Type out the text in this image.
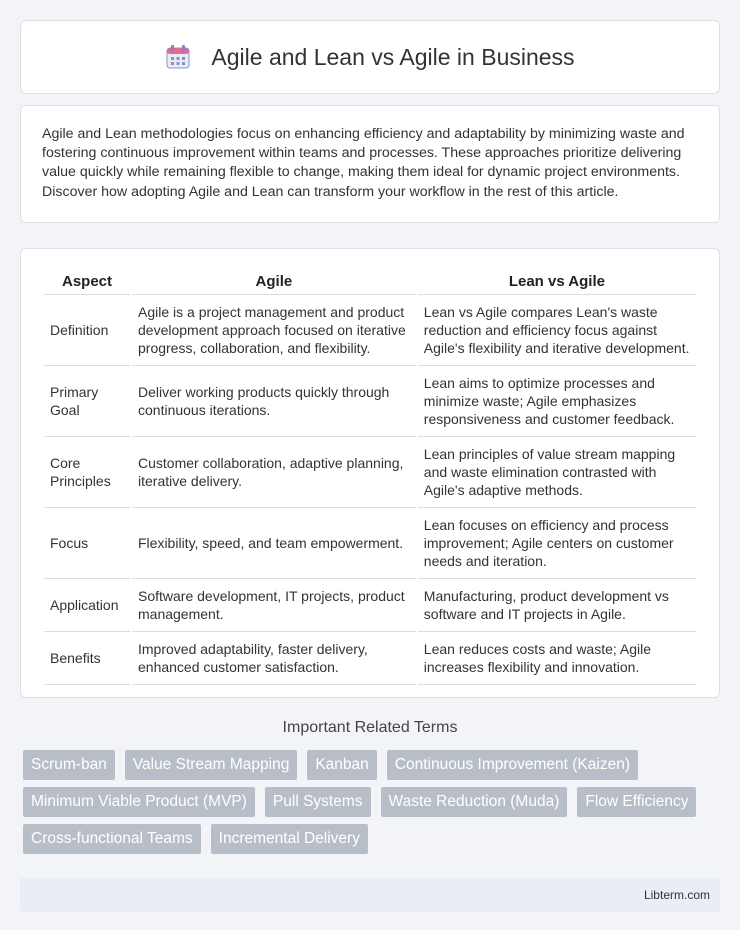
Agile and Lean vs Agile in Business

Agile and Lean methodologies focus on enhancing efficiency and adaptability by minimizing waste and fostering continuous improvement within teams and processes. These approaches prioritize delivering value quickly while remaining flexible to change, making them ideal for dynamic project environments. Discover how adopting Agile and Lean can transform your workflow in the rest of this article.

Aspect	Agile	Lean vs Agile
Definition	Agile is a project management and product development approach focused on iterative progress, collaboration, and flexibility.	Lean vs Agile compares Lean's waste reduction and efficiency focus against Agile's flexibility and iterative development.
Primary Goal	Deliver working products quickly through continuous iterations.	Lean aims to optimize processes and minimize waste; Agile emphasizes responsiveness and customer feedback.
Core Principles	Customer collaboration, adaptive planning, iterative delivery.	Lean principles of value stream mapping and waste elimination contrasted with Agile's adaptive methods.
Focus	Flexibility, speed, and team empowerment.	Lean focuses on efficiency and process improvement; Agile centers on customer needs and iteration.
Application	Software development, IT projects, product management.	Manufacturing, product development vs software and IT projects in Agile.
Benefits	Improved adaptability, faster delivery, enhanced customer satisfaction.	Lean reduces costs and waste; Agile increases flexibility and innovation.
Important Related Terms
Scrum-ban	Value Stream Mapping	Kanban	Continuous Improvement (Kaizen)
Minimum Viable Product (MVP)	Pull Systems	Waste Reduction (Muda)	Flow Efficiency
Cross-functional Teams	Incremental Delivery
Libterm.com
